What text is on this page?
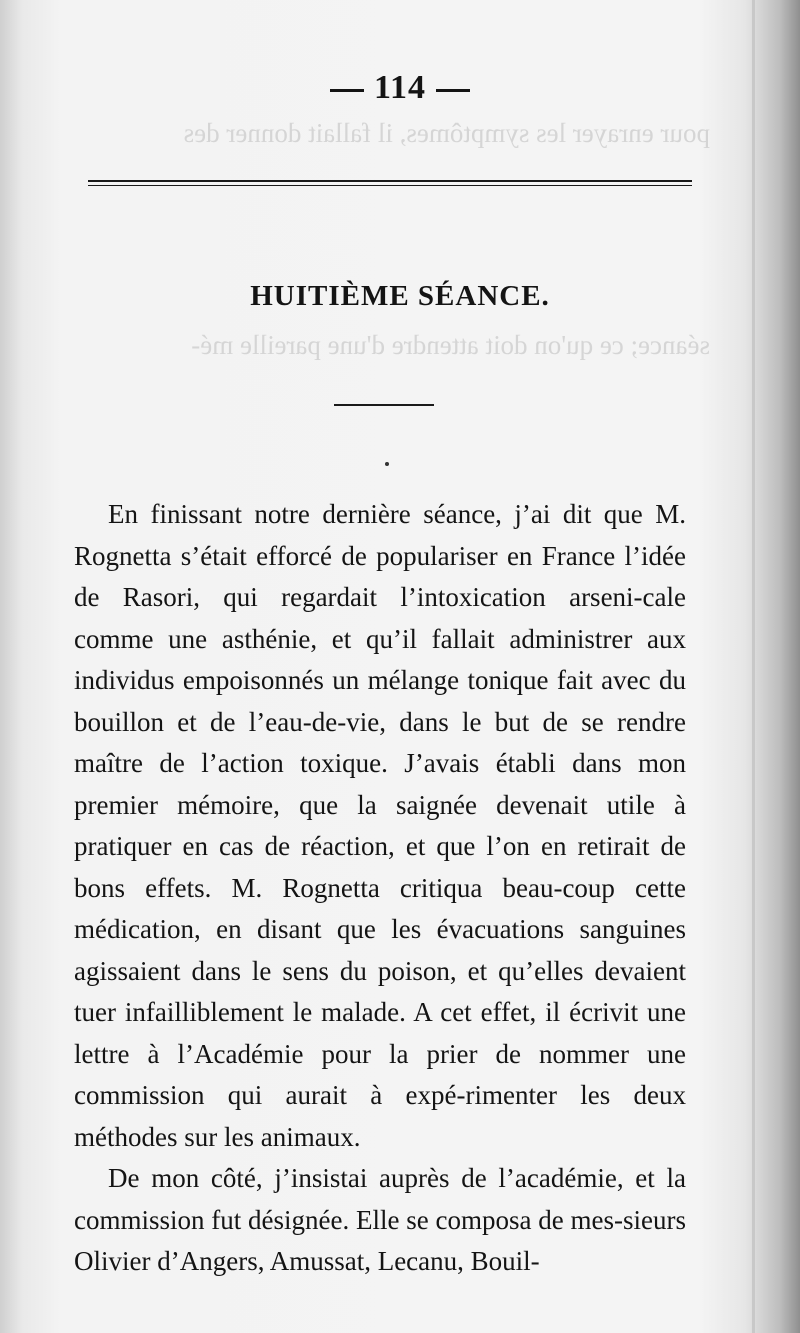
pour enrayer les symptômes, il fallait donner des
séance; ce qu'on doit attendre d'une pareille mé-
114
HUITIÈME SÉANCE.

En finissant notre dernière séance, j’ai dit que M. Rognetta s’était efforcé de populariser en France l’idée de Rasori, qui regardait l’intoxication arseni-cale comme une asthénie, et qu’il fallait administrer aux individus empoisonnés un mélange tonique fait avec du bouillon et de l’eau-de-vie, dans le but de se rendre maître de l’action toxique. J’avais établi dans mon premier mémoire, que la saignée devenait utile à pratiquer en cas de réaction, et que l’on en retirait de bons effets. M. Rognetta critiqua beau-coup cette médication, en disant que les évacuations sanguines agissaient dans le sens du poison, et qu’elles devaient tuer infailliblement le malade. A cet effet, il écrivit une lettre à l’Académie pour la prier de nommer une commission qui aurait à expé-rimenter les deux méthodes sur les animaux.

De mon côté, j’insistai auprès de l’académie, et la commission fut désignée. Elle se composa de mes-sieurs Olivier d’Angers, Amussat, Lecanu, Bouil-
